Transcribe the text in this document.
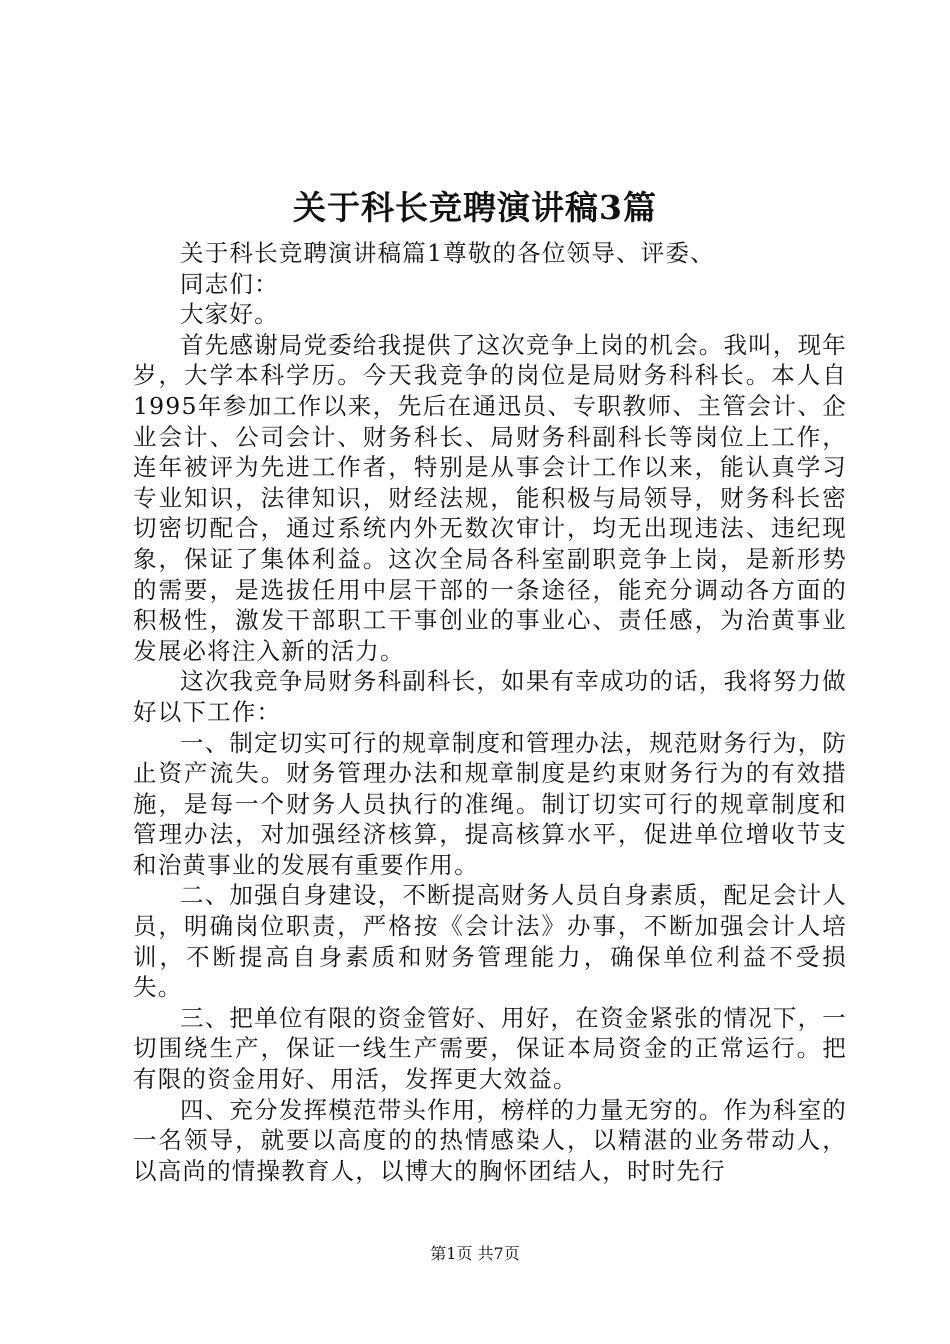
关于科长竞聘演讲稿3篇

关于科长竞聘演讲稿篇1尊敬的各位领导、评委、

同志们：

大家好。

首先感谢局党委给我提供了这次竞争上岗的机会。我叫，现年岁，大学本科学历。今天我竞争的岗位是局财务科科长。本人自1995年参加工作以来，先后在通迅员、专职教师、主管会计、企业会计、公司会计、财务科长、局财务科副科长等岗位上工作，连年被评为先进工作者，特别是从事会计工作以来，能认真学习专业知识，法律知识，财经法规，能积极与局领导，财务科长密切密切配合，通过系统内外无数次审计，均无出现违法、违纪现象，保证了集体利益。这次全局各科室副职竞争上岗，是新形势的需要，是选拔任用中层干部的一条途径，能充分调动各方面的积极性，激发干部职工干事创业的事业心、责任感，为治黄事业发展必将注入新的活力。

这次我竞争局财务科副科长，如果有幸成功的话，我将努力做好以下工作：

一、制定切实可行的规章制度和管理办法，规范财务行为，防止资产流失。财务管理办法和规章制度是约束财务行为的有效措施，是每一个财务人员执行的准绳。制订切实可行的规章制度和管理办法，对加强经济核算，提高核算水平，促进单位增收节支和治黄事业的发展有重要作用。

二、加强自身建设，不断提高财务人员自身素质，配足会计人员，明确岗位职责，严格按《会计法》办事，不断加强会计人培训，不断提高自身素质和财务管理能力，确保单位利益不受损失。

三、把单位有限的资金管好、用好，在资金紧张的情况下，一切围绕生产，保证一线生产需要，保证本局资金的正常运行。把有限的资金用好、用活，发挥更大效益。

四、充分发挥模范带头作用，榜样的力量无穷的。作为科室的一名领导，就要以高度的的热情感染人，以精湛的业务带动人，以高尚的情操教育人，以博大的胸怀团结人，时时先行

第1页 共7页
